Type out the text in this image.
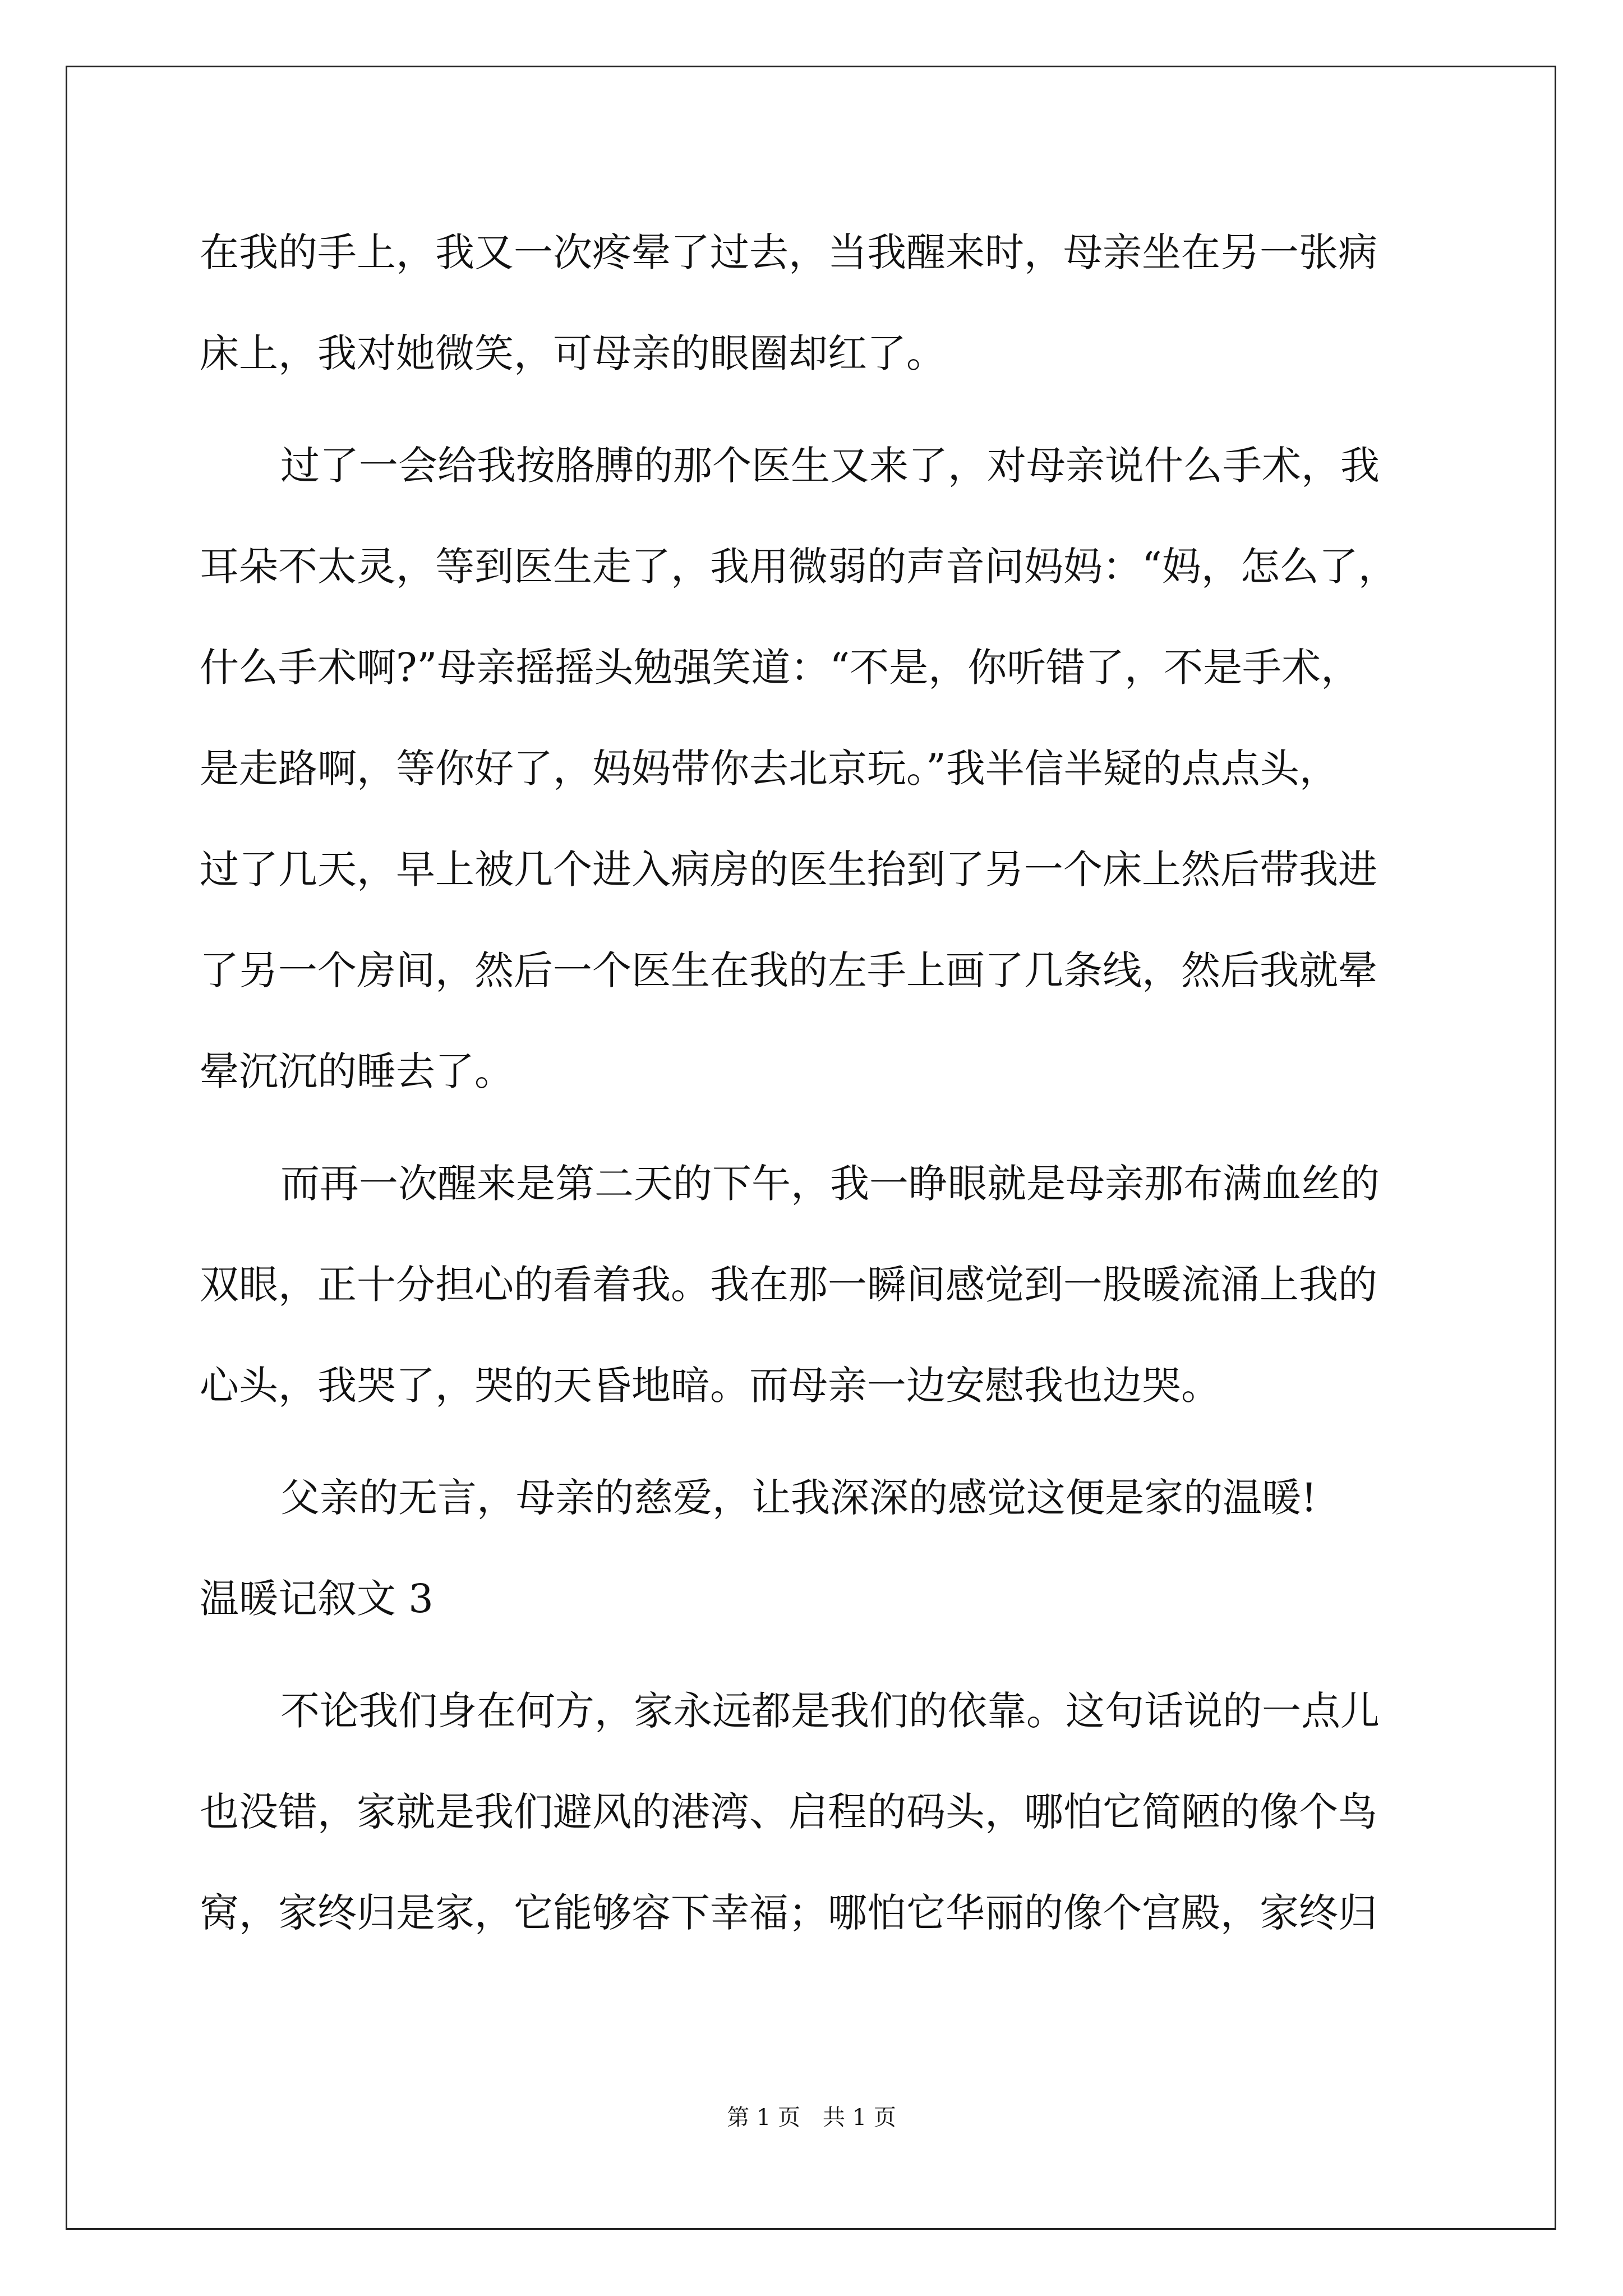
在我的手上，我又一次疼晕了过去，当我醒来时，母亲坐在另一张病
床上，我对她微笑，可母亲的眼圈却红了。
过了一会给我按胳膊的那个医生又来了，对母亲说什么手术，我
耳朵不太灵，等到医生走了，我用微弱的声音问妈妈：“妈，怎么了，
什么手术啊?”母亲摇摇头勉强笑道：“不是，你听错了，不是手术，
是走路啊，等你好了，妈妈带你去北京玩。”我半信半疑的点点头，
过了几天，早上被几个进入病房的医生抬到了另一个床上然后带我进
了另一个房间，然后一个医生在我的左手上画了几条线，然后我就晕
晕沉沉的睡去了。
而再一次醒来是第二天的下午，我一睁眼就是母亲那布满血丝的
双眼，正十分担心的看着我。我在那一瞬间感觉到一股暖流涌上我的
心头，我哭了，哭的天昏地暗。而母亲一边安慰我也边哭。
父亲的无言，母亲的慈爱，让我深深的感觉这便是家的温暖!
温暖记叙文 3
不论我们身在何方，家永远都是我们的依靠。这句话说的一点儿
也没错，家就是我们避风的港湾、启程的码头，哪怕它简陋的像个鸟
窝，家终归是家，它能够容下幸福；哪怕它华丽的像个宫殿，家终归
第 1 页　共 1 页
